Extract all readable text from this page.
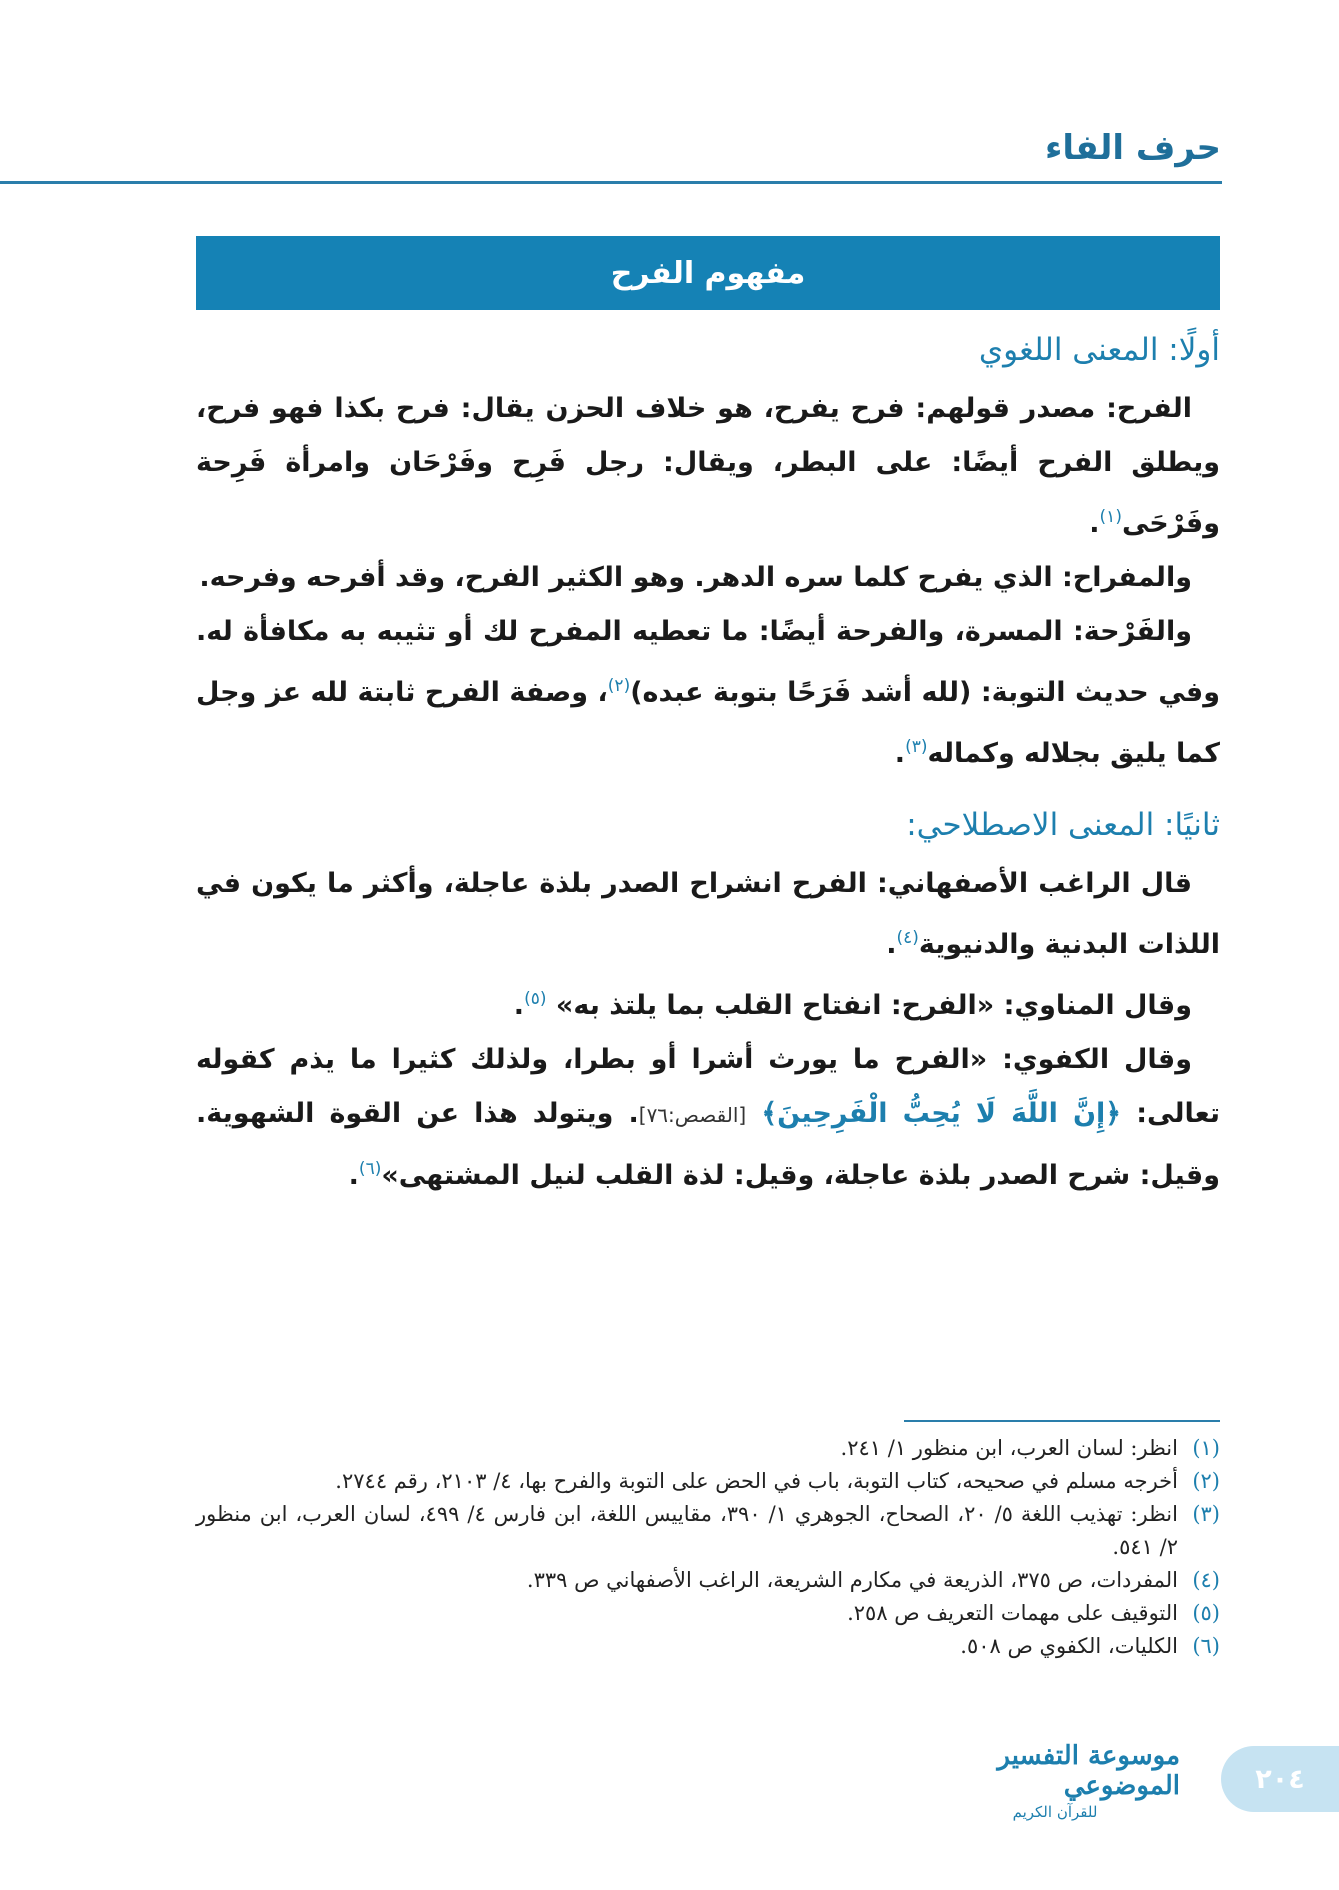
حرف الفاء
مفهوم الفرح
أولًا: المعنى اللغوي

الفرح: مصدر قولهم: فرح يفرح، هو خلاف الحزن يقال: فرح بكذا فهو فرح، ويطلق الفرح أيضًا: على البطر، ويقال: رجل فَرِح وفَرْحَان وامرأة فَرِحة وفَرْحَى$^{(١)}$.

والمفراح: الذي يفرح كلما سره الدهر. وهو الكثير الفرح، وقد أفرحه وفرحه.

والفَرْحة: المسرة، والفرحة أيضًا: ما تعطيه المفرح لك أو تثيبه به مكافأة له. وفي حديث التوبة: (لله أشد فَرَحًا بتوبة عبده)$^{(٢)}$، وصفة الفرح ثابتة لله عز وجل كما يليق بجلاله وكماله$^{(٣)}$.

ثانيًا: المعنى الاصطلاحي:

قال الراغب الأصفهاني: الفرح انشراح الصدر بلذة عاجلة، وأكثر ما يكون في اللذات البدنية والدنيوية$^{(٤)}$.

وقال المناوي: «الفرح: انفتاح القلب بما يلتذ به» $^{(٥)}$.

وقال الكفوي: «الفرح ما يورث أشرا أو بطرا، ولذلك كثيرا ما يذم كقوله تعالى: ﴿إِنَّ اللَّهَ لَا يُحِبُّ الْفَرِحِينَ﴾ [القصص:٧٦]. ويتولد هذا عن القوة الشهوية. وقيل: شرح الصدر بلذة عاجلة، وقيل: لذة القلب لنيل المشتهى»$^{(٦)}$.

(١)
انظر: لسان العرب، ابن منظور ١/ ٢٤١.
(٢)
أخرجه مسلم في صحيحه، كتاب التوبة، باب في الحض على التوبة والفرح بها، ٤/ ٢١٠٣، رقم ٢٧٤٤.
(٣)
انظر: تهذيب اللغة ٥/ ٢٠، الصحاح، الجوهري ١/ ٣٩٠، مقاييس اللغة، ابن فارس ٤/ ٤٩٩، لسان العرب، ابن منظور ٢/ ٥٤١.
(٤)
المفردات، ص ٣٧٥، الذريعة في مكارم الشريعة، الراغب الأصفهاني ص ٣٣٩.
(٥)
التوقيف على مهمات التعريف ص ٢٥٨.
(٦)
الكليات، الكفوي ص ٥٠٨.
موسوعة التفسير الموضوعي
للقرآن الكريم
٢٠٤
